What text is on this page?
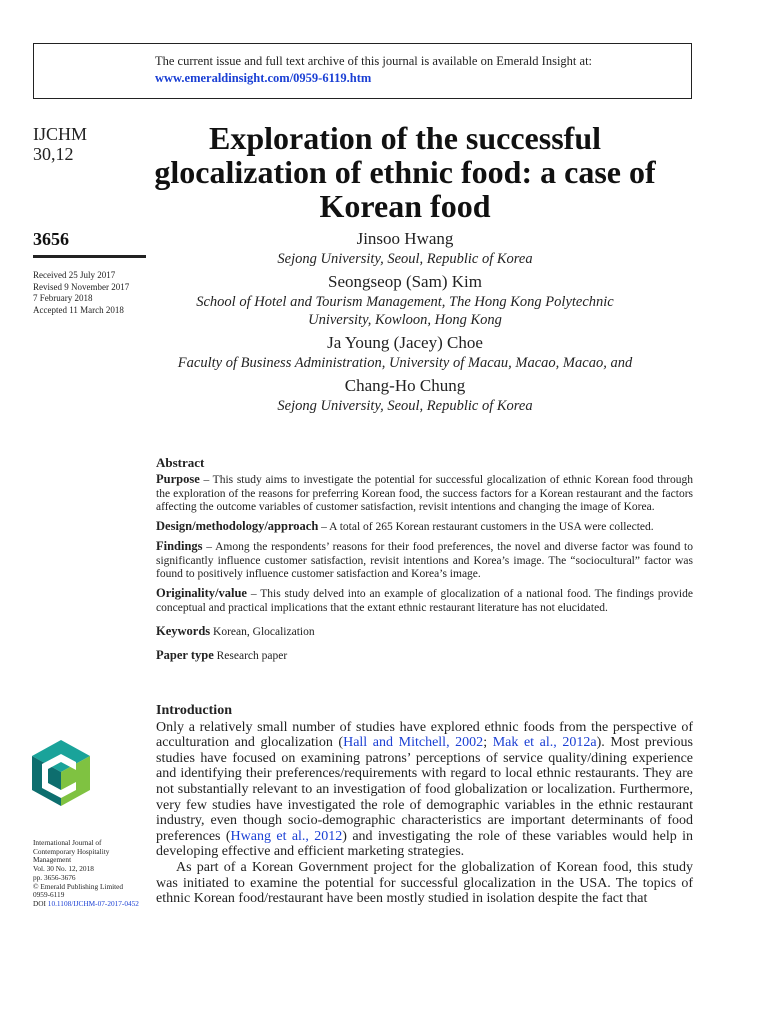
The current issue and full text archive of this journal is available on Emerald Insight at:
www.emeraldinsight.com/0959-6119.htm
IJCHM
30,12
3656
Received 25 July 2017
Revised 9 November 2017
7 February 2018
Accepted 11 March 2018
Exploration of the successful glocalization of ethnic food: a case of Korean food
Jinsoo Hwang
Sejong University, Seoul, Republic of Korea
Seongseop (Sam) Kim
School of Hotel and Tourism Management, The Hong Kong Polytechnic University, Kowloon, Hong Kong
Ja Young (Jacey) Choe
Faculty of Business Administration, University of Macau, Macao, Macao, and
Chang-Ho Chung
Sejong University, Seoul, Republic of Korea
Abstract

Purpose – This study aims to investigate the potential for successful glocalization of ethnic Korean food through the exploration of the reasons for preferring Korean food, the success factors for a Korean restaurant and the factors affecting the outcome variables of customer satisfaction, revisit intentions and changing the image of Korea.

Design/methodology/approach – A total of 265 Korean restaurant customers in the USA were collected.

Findings – Among the respondents’ reasons for their food preferences, the novel and diverse factor was found to significantly influence customer satisfaction, revisit intentions and Korea’s image. The “sociocultural” factor was found to positively influence customer satisfaction and Korea’s image.

Originality/value – This study delved into an example of glocalization of a national food. The findings provide conceptual and practical implications that the extant ethnic restaurant literature has not elucidated.

Keywords Korean, Glocalization

Paper type Research paper

Introduction

Only a relatively small number of studies have explored ethnic foods from the perspective of acculturation and glocalization (Hall and Mitchell, 2002; Mak et al., 2012a). Most previous studies have focused on examining patrons’ perceptions of service quality/dining experience and identifying their preferences/requirements with regard to local ethnic restaurants. They are not substantially relevant to an investigation of food globalization or localization. Furthermore, very few studies have investigated the role of demographic variables in the ethnic restaurant industry, even though socio-demographic characteristics are important determinants of food preferences (Hwang et al., 2012) and investigating the role of these variables would help in developing effective and efficient marketing strategies.

As part of a Korean Government project for the globalization of Korean food, this study was initiated to examine the potential for successful glocalization in the USA. The topics of ethnic Korean food/restaurant have been mostly studied in isolation despite the fact that

International Journal of
Contemporary Hospitality
Management
Vol. 30 No. 12, 2018
pp. 3656-3676
© Emerald Publishing Limited
0959-6119
DOI 10.1108/IJCHM-07-2017-0452
